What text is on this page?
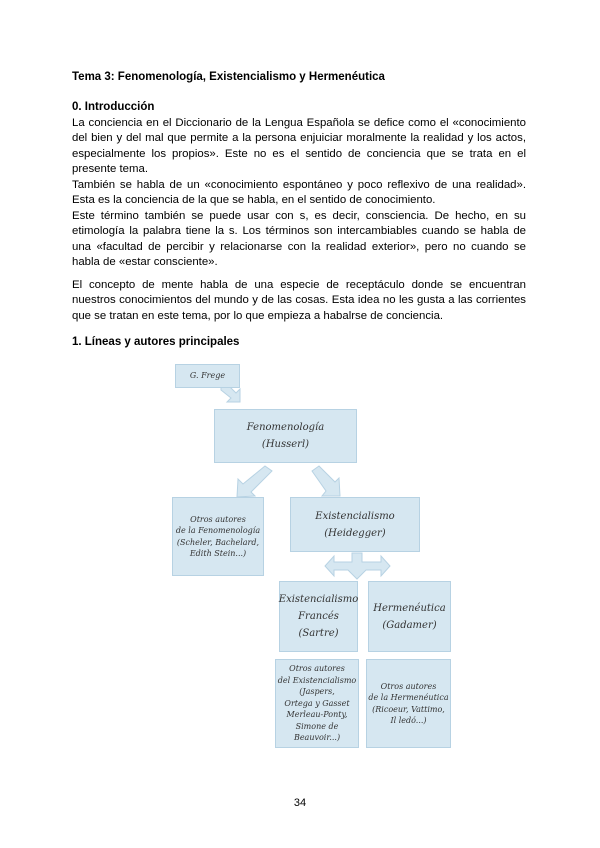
Tema 3: Fenomenología, Existencialismo y Hermenéutica
0. Introducción

La conciencia en el Diccionario de la Lengua Española se defice como el «conocimiento del bien y del mal que permite a la persona enjuiciar moralmente la realidad y los actos, especialmente los propios». Este no es el sentido de conciencia que se trata en el presente tema.

También se habla de un «conocimiento espontáneo y poco reflexivo de una realidad». Esta es la conciencia de la que se habla, en el sentido de conocimiento.

Este término también se puede usar con s, es decir, consciencia. De hecho, en su etimología la palabra tiene la s. Los términos son intercambiables cuando se habla de una «facultad de percibir y relacionarse con la realidad exterior», pero no cuando se habla de «estar consciente».

El concepto de mente habla de una especie de receptáculo donde se encuentran nuestros conocimientos del mundo y de las cosas. Esta idea no les gusta a las corrientes que se tratan en este tema, por lo que empieza a habalrse de conciencia.

1. Líneas y autores principales
G. Frege
Fenomenología
(Husserl)
Otros autores
de la Fenomenología
(Scheler, Bachelard,
Edith Stein...)
Existencialismo
(Heidegger)
Existencialismo
Francés
(Sartre)
Hermenéutica
(Gadamer)
Otros autores
del Existencialismo
(Jaspers,
Ortega y Gasset
Merleau-Ponty,
Simone de Beauvoir...)
Otros autores
de la Hermenéutica
(Ricoeur, Vattimo,
Il ledó...)
34
